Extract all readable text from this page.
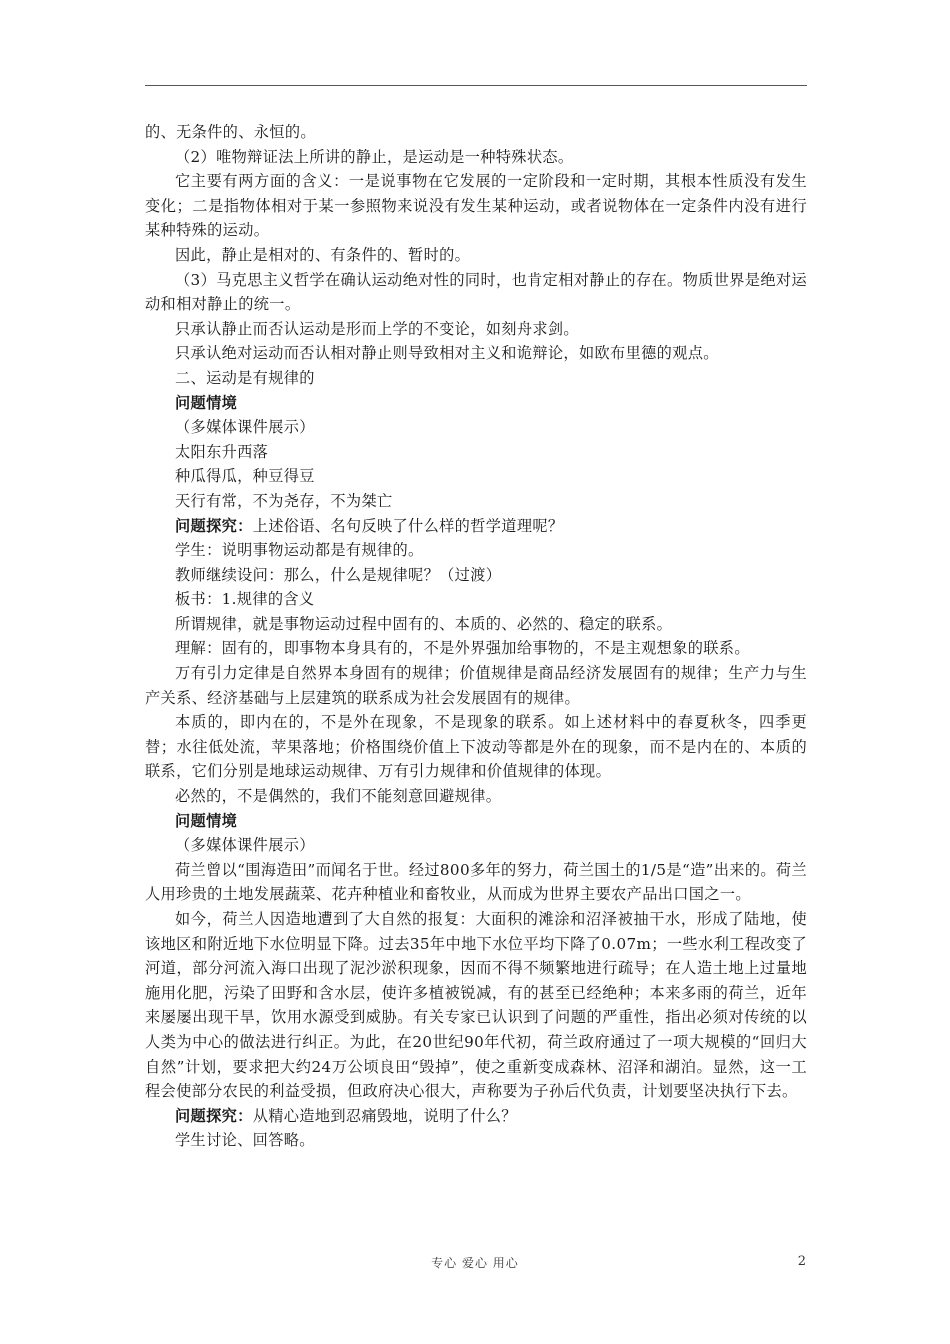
的、无条件的、永恒的。

（2）唯物辩证法上所讲的静止，是运动是一种特殊状态。

它主要有两方面的含义：一是说事物在它发展的一定阶段和一定时期，其根本性质没有发生变化；二是指物体相对于某一参照物来说没有发生某种运动，或者说物体在一定条件内没有进行某种特殊的运动。

因此，静止是相对的、有条件的、暂时的。

（3）马克思主义哲学在确认运动绝对性的同时，也肯定相对静止的存在。物质世界是绝对运动和相对静止的统一。

只承认静止而否认运动是形而上学的不变论，如刻舟求剑。

只承认绝对运动而否认相对静止则导致相对主义和诡辩论，如欧布里德的观点。

二、运动是有规律的

问题情境

（多媒体课件展示）

太阳东升西落

种瓜得瓜，种豆得豆

天行有常，不为尧存，不为桀亡

问题探究：上述俗语、名句反映了什么样的哲学道理呢？

学生：说明事物运动都是有规律的。

教师继续设问：那么，什么是规律呢？（过渡）

板书：1.规律的含义

所谓规律，就是事物运动过程中固有的、本质的、必然的、稳定的联系。

理解：固有的，即事物本身具有的，不是外界强加给事物的，不是主观想象的联系。

万有引力定律是自然界本身固有的规律；价值规律是商品经济发展固有的规律；生产力与生产关系、经济基础与上层建筑的联系成为社会发展固有的规律。

本质的，即内在的，不是外在现象，不是现象的联系。如上述材料中的春夏秋冬，四季更替；水往低处流，苹果落地；价格围绕价值上下波动等都是外在的现象，而不是内在的、本质的联系，它们分别是地球运动规律、万有引力规律和价值规律的体现。

必然的，不是偶然的，我们不能刻意回避规律。

问题情境

（多媒体课件展示）

荷兰曾以“围海造田”而闻名于世。经过800多年的努力，荷兰国土的1/5是“造”出来的。荷兰人用珍贵的土地发展蔬菜、花卉种植业和畜牧业，从而成为世界主要农产品出口国之一。

如今，荷兰人因造地遭到了大自然的报复：大面积的滩涂和沼泽被抽干水，形成了陆地，使该地区和附近地下水位明显下降。过去35年中地下水位平均下降了0.07m；一些水利工程改变了河道，部分河流入海口出现了泥沙淤积现象，因而不得不频繁地进行疏导；在人造土地上过量地施用化肥，污染了田野和含水层，使许多植被锐减，有的甚至已经绝种；本来多雨的荷兰，近年来屡屡出现干旱，饮用水源受到威胁。有关专家已认识到了问题的严重性，指出必须对传统的以人类为中心的做法进行纠正。为此，在20世纪90年代初，荷兰政府通过了一项大规模的“回归大自然”计划，要求把大约24万公顷良田“毁掉”，使之重新变成森林、沼泽和湖泊。显然，这一工程会使部分农民的利益受损，但政府决心很大，声称要为子孙后代负责，计划要坚决执行下去。

问题探究：从精心造地到忍痛毁地，说明了什么？

学生讨论、回答略。

专心 爱心 用心	2
